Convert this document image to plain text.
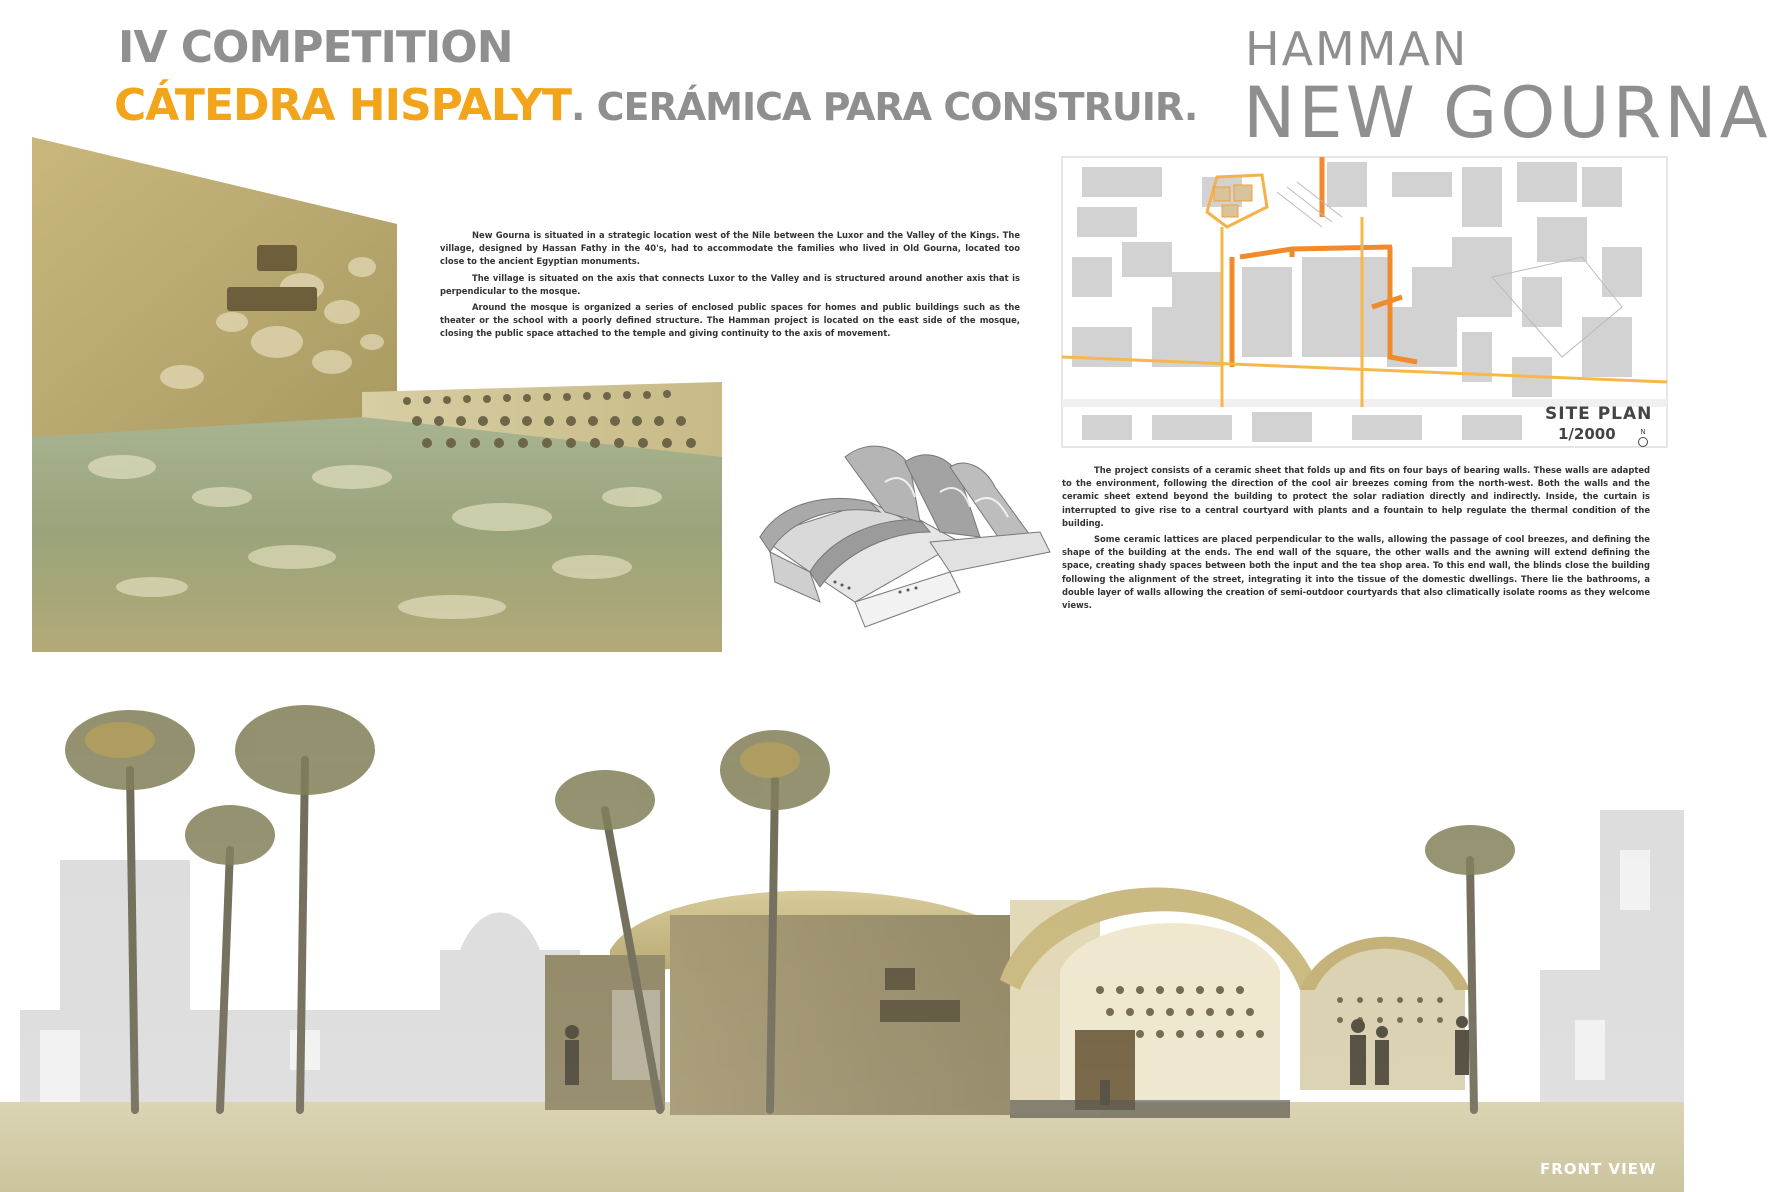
IV COMPETITION
CÁTEDRA HISPALYT. CERÁMICA PARA CONSTRUIR.
HAMMAN
NEW GOURNA

New Gourna is situated in a strategic location west of the Nile between the Luxor and the Valley of the Kings. The village, designed by Hassan Fathy in the 40's, had to accommodate the families who lived in Old Gourna, located too close to the ancient Egyptian monuments.

The village is situated on the axis that connects Luxor to the Valley and is structured around another axis that is perpendicular to the mosque.

Around the mosque is organized a series of enclosed public spaces for homes and public buildings such as the theater or the school with a poorly defined structure. The Hamman project is located on the east side of the mosque, closing the public space attached to the temple and giving continuity to the axis of movement.

SITE PLAN
1/2000	N

The project consists of a ceramic sheet that folds up and fits on four bays of bearing walls. These walls are adapted to the environment, following the direction of the cool air breezes coming from the north-west. Both the walls and the ceramic sheet extend beyond the building to protect the solar radiation directly and indirectly. Inside, the curtain is interrupted to give rise to a central courtyard with plants and a fountain to help regulate the thermal condition of the building.

Some ceramic lattices are placed perpendicular to the walls, allowing the passage of cool breezes, and defining the shape of the building at the ends. The end wall of the square, the other walls and the awning will extend defining the space, creating shady spaces between both the input and the tea shop area. To this end wall, the blinds close the building following the alignment of the street, integrating it into the tissue of the domestic dwellings. There lie the bathrooms, a double layer of walls allowing the creation of semi-outdoor courtyards that also climatically isolate rooms as they welcome views.

FRONT VIEW
